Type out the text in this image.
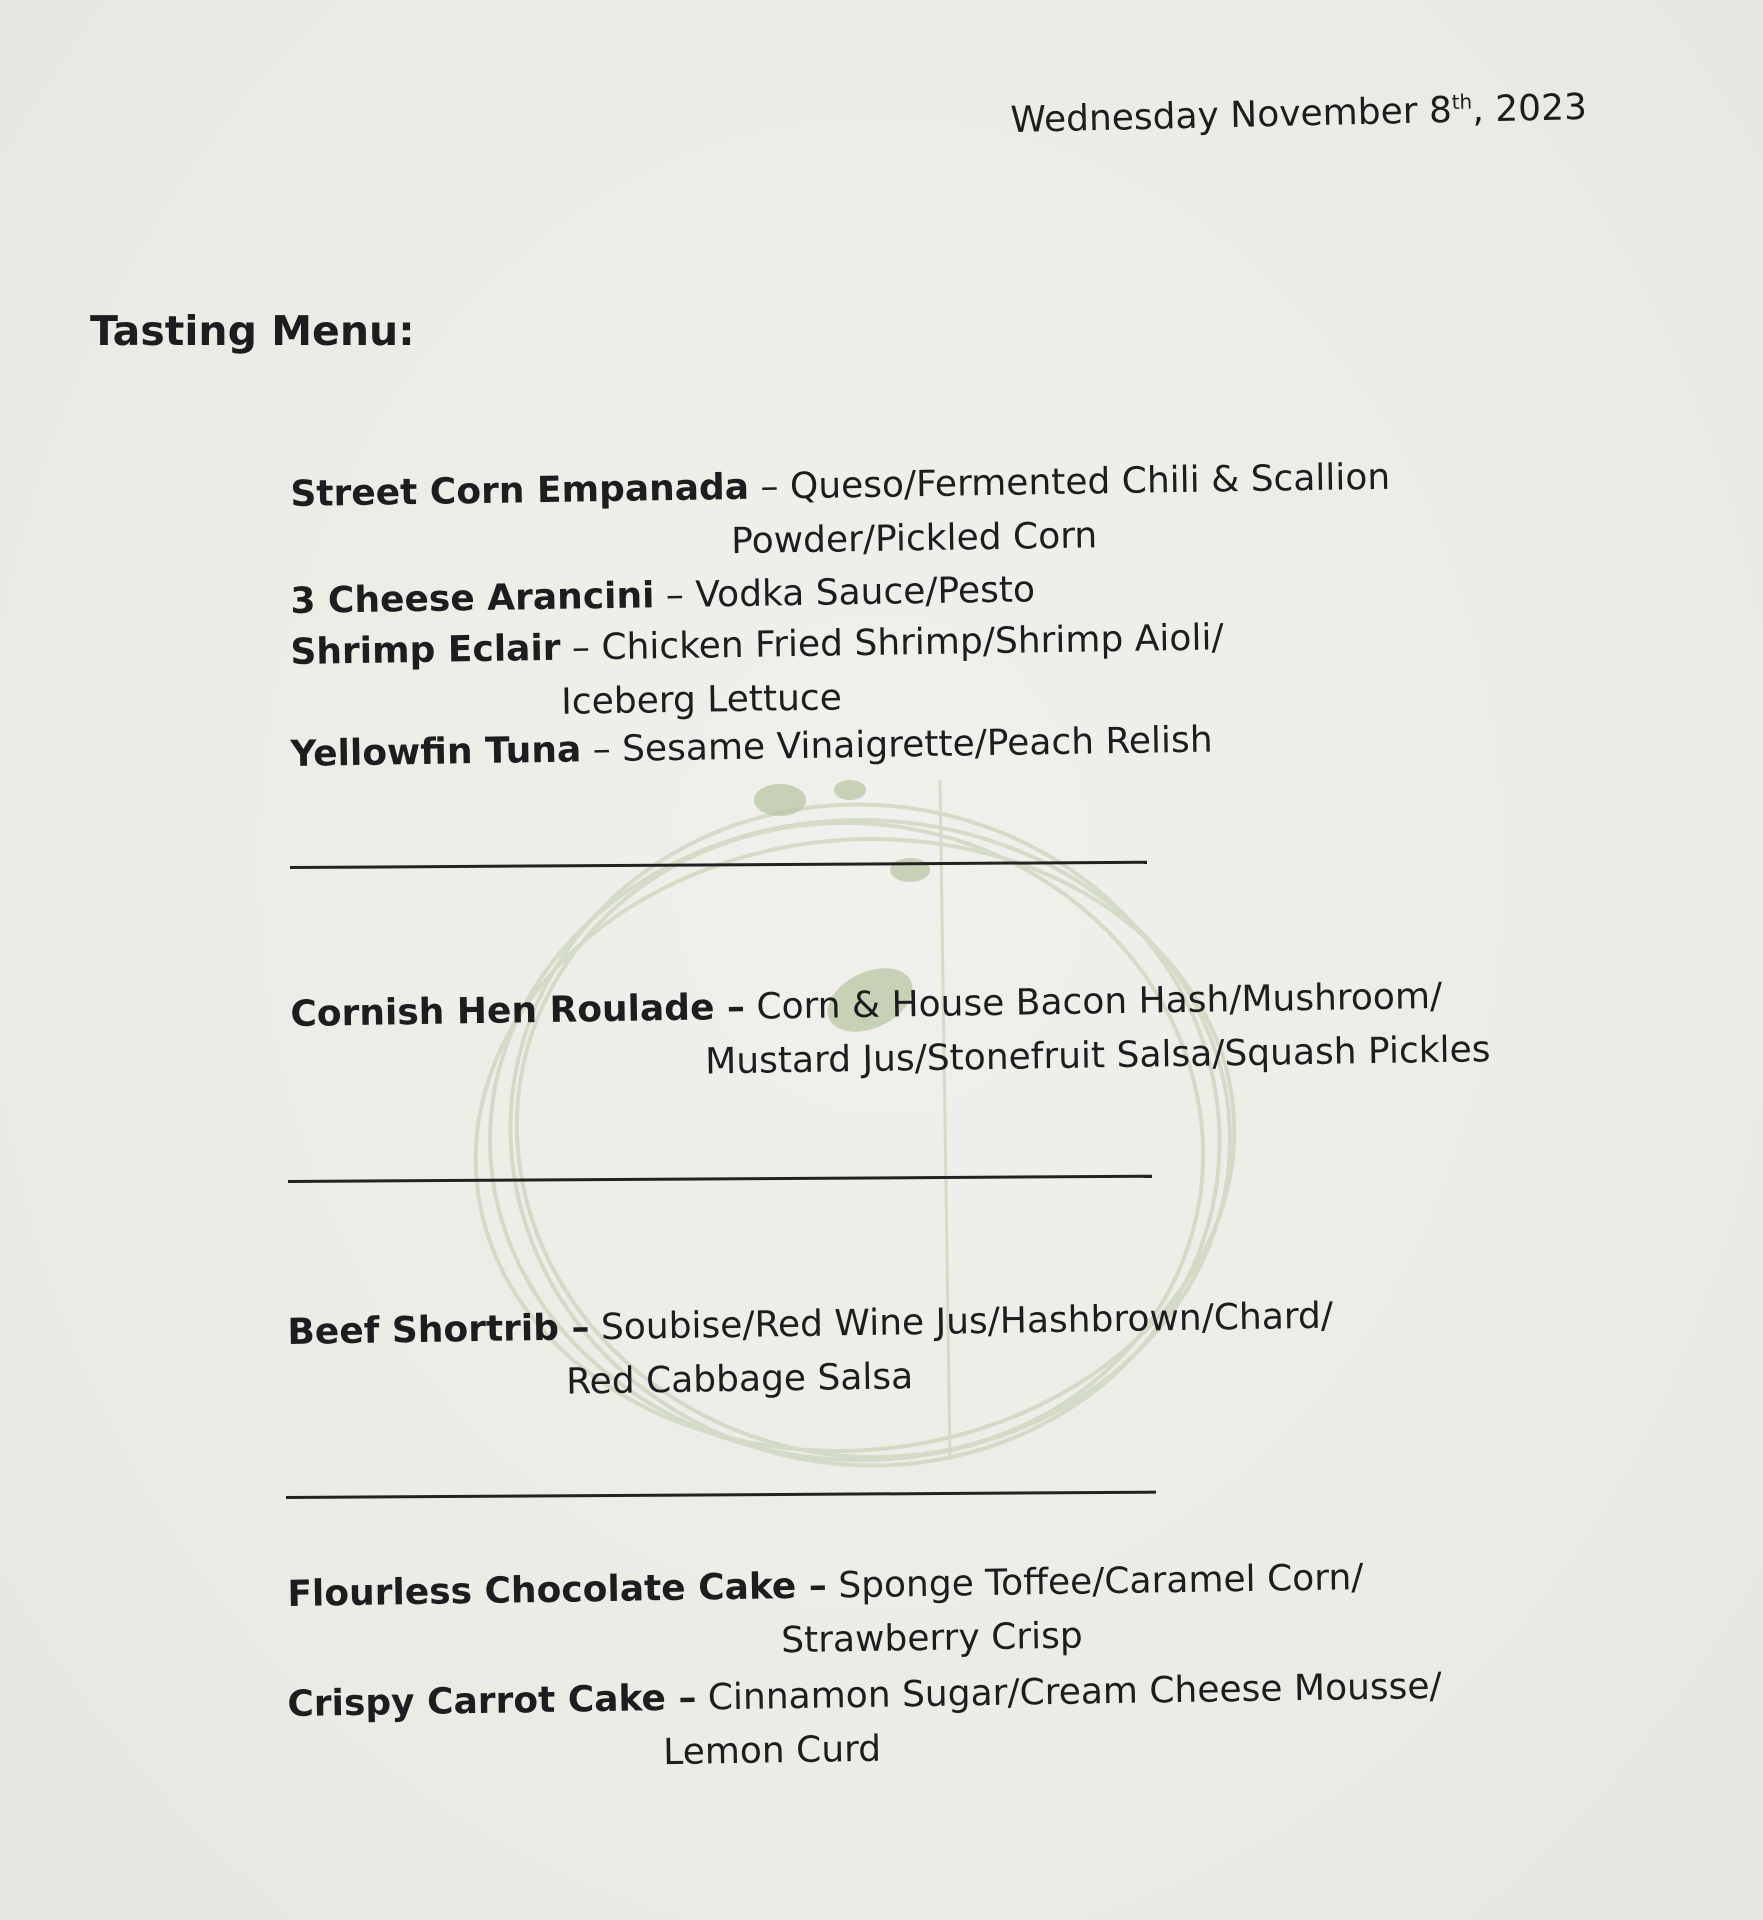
Wednesday November 8th, 2023
Tasting Menu:
Street Corn Empanada – Queso/Fermented Chili & Scallion
Powder/Pickled Corn
3 Cheese Arancini – Vodka Sauce/Pesto
Shrimp Eclair – Chicken Fried Shrimp/Shrimp Aioli/
Iceberg Lettuce
Yellowfin Tuna – Sesame Vinaigrette/Peach Relish
Cornish Hen Roulade – Corn & House Bacon Hash/Mushroom/
Mustard Jus/Stonefruit Salsa/Squash Pickles
Beef Shortrib – Soubise/Red Wine Jus/Hashbrown/Chard/
Red Cabbage Salsa
Flourless Chocolate Cake – Sponge Toffee/Caramel Corn/
Strawberry Crisp
Crispy Carrot Cake – Cinnamon Sugar/Cream Cheese Mousse/
Lemon Curd
